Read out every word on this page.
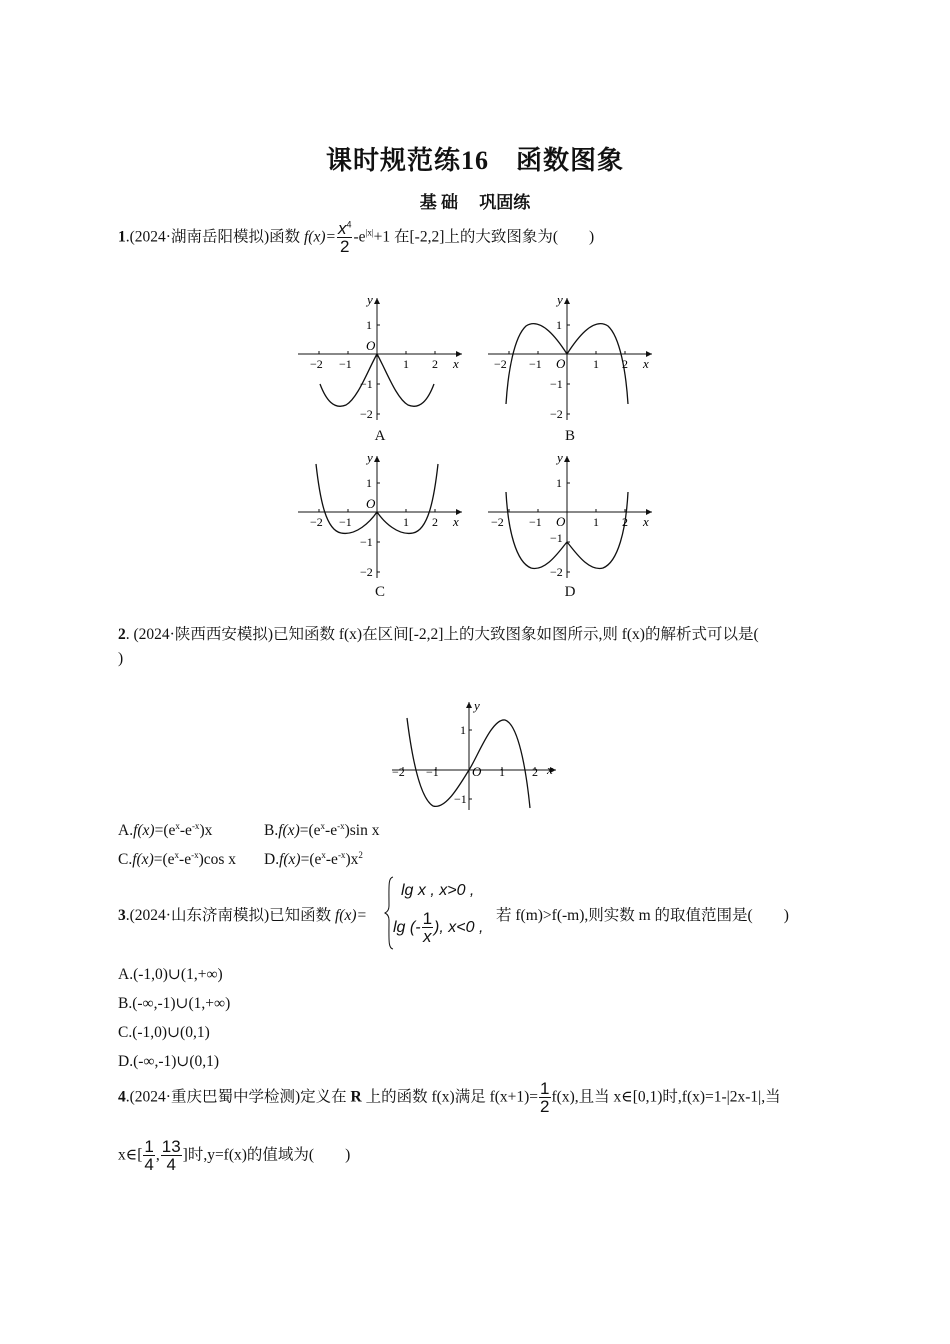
课时规范练16　函数图象
基 础　 巩固练
1.(2024·湖南岳阳模拟)函数 $f(x)= \frac{x^4}{2} -e^{|x|}+1$ 在[-2,2]上的大致图象为(　　)
y
x
O
−2 −1	1 2
1
−1
−2
A
y
x
O
−2 −1	1 2
1
−1
−2
B
y
x
O
−2 −1	1 2
1
−1
−2
C
y
x
O
−2 −1	1 2
1
−1
−2
D
2. (2024·陕西西安模拟)已知函数 f(x)在区间[-2,2]上的大致图象如图所示,则 f(x)的解析式可以是(
)
y
x
O
−2 −1	1 2
1
−1
$A.f(x)=(e^x-e^{-x})x$	$B.f(x)=(e^x-e^{-x})\sin$ x
$C.f(x)=(e^x-e^{-x})\cos$ x $D.f(x)=(e^x-e^{-x})x^2$
3.(2024·山东济南模拟)已知函数 f(x)=
lg x , x>0 ,
lg (- $\frac{1}{x}$ ), x<0 ,
若 f(m)>f(-m),则实数 m 的取值范围是(　　)
A.(-1,0)∪(1,+∞)
B.(-∞,-1)∪(1,+∞)
C.(-1,0)∪(0,1)
D.(-∞,-1)∪(0,1)
4.(2024·重庆巴蜀中学检测)定义在 R 上的函数 f(x)满足 $f(x+1)= \frac{1}{2} f(x)$,且当 x∈[0,1)时,f(x)=1-|2x-1|,当
x∈[ $\frac{1}{4}$ , $\frac{13}{4}$ ]时,y=f(x)的值域为(　　)
